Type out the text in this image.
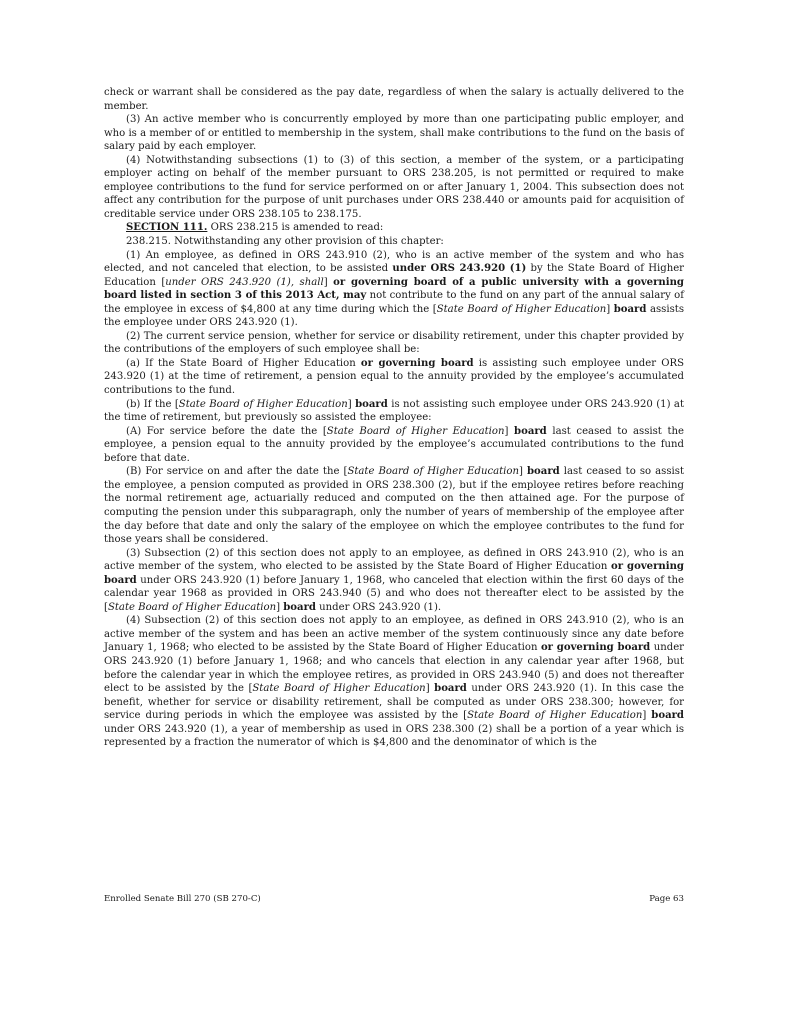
check or warrant shall be considered as the pay date, regardless of when the salary is actually delivered to the member.

(3) An active member who is concurrently employed by more than one participating public employer, and who is a member of or entitled to membership in the system, shall make contributions to the fund on the basis of salary paid by each employer.

(4) Notwithstanding subsections (1) to (3) of this section, a member of the system, or a participating employer acting on behalf of the member pursuant to ORS 238.205, is not permitted or required to make employee contributions to the fund for service performed on or after January 1, 2004. This subsection does not affect any contribution for the purpose of unit purchases under ORS 238.440 or amounts paid for acquisition of creditable service under ORS 238.105 to 238.175.

SECTION 111. ORS 238.215 is amended to read:

238.215. Notwithstanding any other provision of this chapter:

(1) An employee, as defined in ORS 243.910 (2), who is an active member of the system and who has elected, and not canceled that election, to be assisted under ORS 243.920 (1) by the State Board of Higher Education [under ORS 243.920 (1), shall] or governing board of a public university with a governing board listed in section 3 of this 2013 Act, may not contribute to the fund on any part of the annual salary of the employee in excess of $4,800 at any time during which the [State Board of Higher Education] board assists the employee under ORS 243.920 (1).

(2) The current service pension, whether for service or disability retirement, under this chapter provided by the contributions of the employers of such employee shall be:

(a) If the State Board of Higher Education or governing board is assisting such employee under ORS 243.920 (1) at the time of retirement, a pension equal to the annuity provided by the employee’s accumulated contributions to the fund.

(b) If the [State Board of Higher Education] board is not assisting such employee under ORS 243.920 (1) at the time of retirement, but previously so assisted the employee:

(A) For service before the date the [State Board of Higher Education] board last ceased to assist the employee, a pension equal to the annuity provided by the employee’s accumulated contributions to the fund before that date.

(B) For service on and after the date the [State Board of Higher Education] board last ceased to so assist the employee, a pension computed as provided in ORS 238.300 (2), but if the employee retires before reaching the normal retirement age, actuarially reduced and computed on the then attained age. For the purpose of computing the pension under this subparagraph, only the number of years of membership of the employee after the day before that date and only the salary of the employee on which the employee contributes to the fund for those years shall be considered.

(3) Subsection (2) of this section does not apply to an employee, as defined in ORS 243.910 (2), who is an active member of the system, who elected to be assisted by the State Board of Higher Education or governing board under ORS 243.920 (1) before January 1, 1968, who canceled that election within the first 60 days of the calendar year 1968 as provided in ORS 243.940 (5) and who does not thereafter elect to be assisted by the [State Board of Higher Education] board under ORS 243.920 (1).

(4) Subsection (2) of this section does not apply to an employee, as defined in ORS 243.910 (2), who is an active member of the system and has been an active member of the system continuously since any date before January 1, 1968; who elected to be assisted by the State Board of Higher Education or governing board under ORS 243.920 (1) before January 1, 1968; and who cancels that election in any calendar year after 1968, but before the calendar year in which the employee retires, as provided in ORS 243.940 (5) and does not thereafter elect to be assisted by the [State Board of Higher Education] board under ORS 243.920 (1). In this case the benefit, whether for service or disability retirement, shall be computed as under ORS 238.300; however, for service during periods in which the employee was assisted by the [State Board of Higher Education] board under ORS 243.920 (1), a year of membership as used in ORS 238.300 (2) shall be a portion of a year which is represented by a fraction the numerator of which is $4,800 and the denominator of which is the

Enrolled Senate Bill 270 (SB 270-C)	Page 63
